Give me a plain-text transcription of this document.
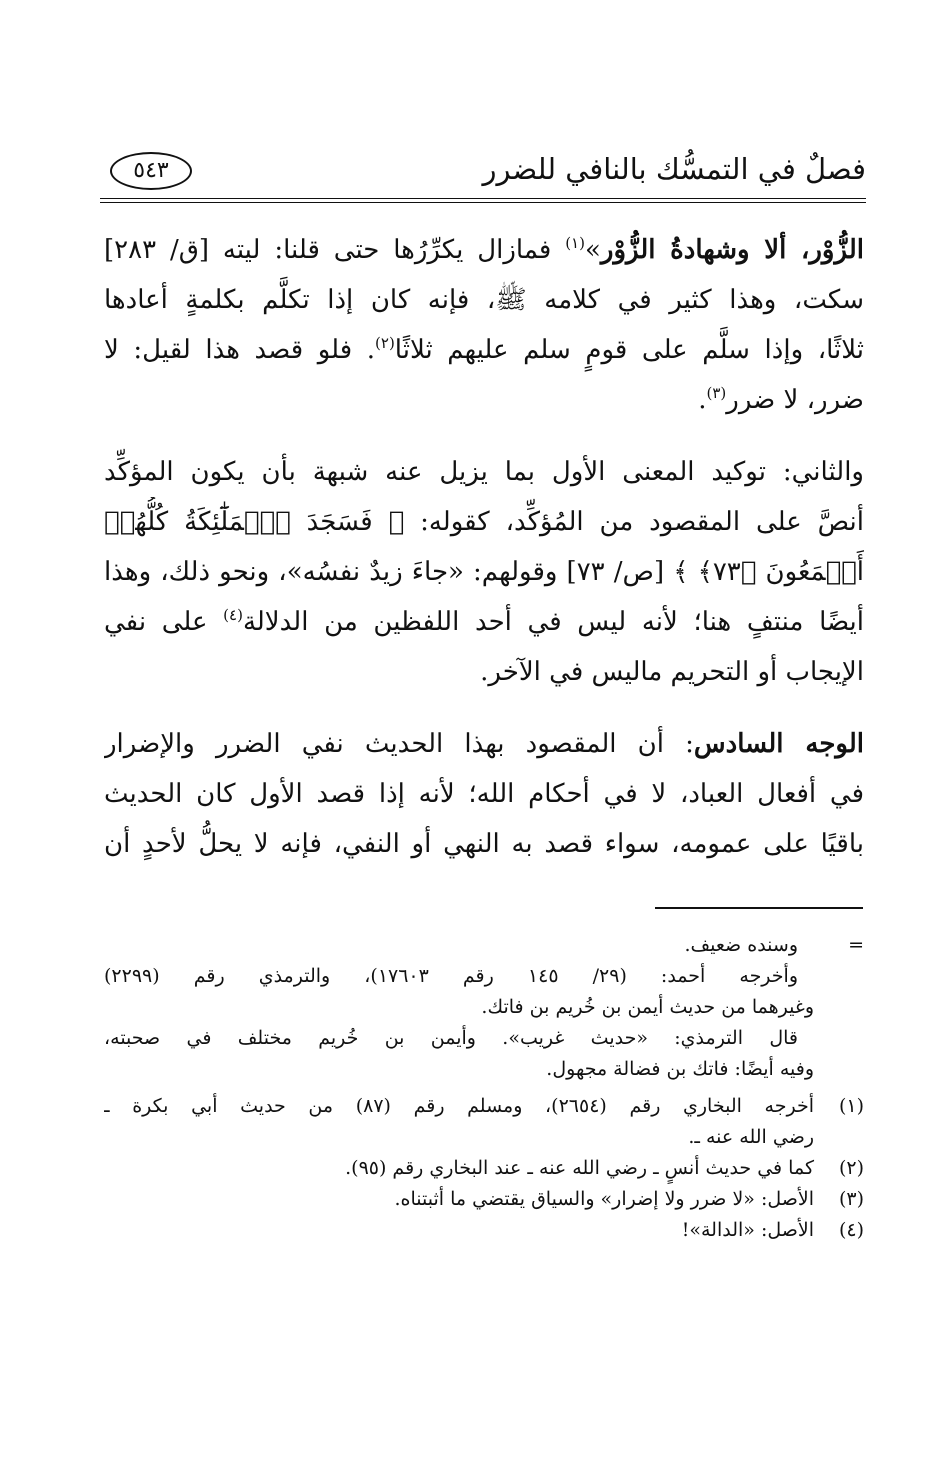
فصلٌ في التمسُّك بالنافي للضرر
٥٤٣
الزُّوْر، ألا وشهادةُ الزُّوْر»$^{(١)}$ فمازال يكرِّرُها حتى قلنا: ليته [ق/ ٢٨٣]
سكت، وهذا كثير في كلامه ﷺ، فإنه كان إذا تكلَّم بكلمةٍ أعادها
ثلاثًا، وإذا سلَّم على قومٍ سلم عليهم ثلاثًا$^{(٢)}$. فلو قصد هذا لقيل: لا
ضرر، لا ضرر$^{(٣)}$.
والثاني: توكيد المعنى الأول بما يزيل عنه شبهة بأن يكون المؤكِّد
أنصَّ على المقصود من المُؤكِّد، كقوله: ﴿ فَسَجَدَ ٱلۡمَلَٰٓئِكَةُ كُلُّهُمۡ
أَجۡمَعُونَ ﴿٧٣﴾ ﴾ [ص/ ٧٣] وقولهم: «جاءَ زيدٌ نفسُه»، ونحو ذلك، وهذا
أيضًا منتفٍ هنا؛ لأنه ليس في أحد اللفظين من الدلالة$^{(٤)}$ على نفي
الإيجاب أو التحريم ماليس في الآخر.
الوجه السادس: أن المقصود بهذا الحديث نفي الضرر والإضرار
في أفعال العباد، لا في أحكام الله؛ لأنه إذا قصد الأول كان الحديث
باقيًا على عمومه، سواء قصد به النهي أو النفي، فإنه لا يحلُّ لأحدٍ أن
=
وسنده ضعيف.
وأخرجه أحمد: (٢٩/ ١٤٥ رقم ١٧٦٠٣)، والترمذي رقم (٢٢٩٩)
وغيرهما من حديث أيمن بن خُريم بن فاتك.
قال الترمذي: «حديث غريب». وأيمن بن خُريم مختلف في صحبته،
وفيه أيضًا: فاتك بن فضالة مجهول.
(١)
أخرجه البخاري رقم (٢٦٥٤)، ومسلم رقم (٨٧) من حديث أبي بكرة ـ
رضي الله عنه ـ.
(٢)
كما في حديث أنسٍ ـ رضي الله عنه ـ عند البخاري رقم (٩٥).
(٣)
الأصل: «لا ضرر ولا إضرار» والسياق يقتضي ما أثبتناه.
(٤)
الأصل: «الدالة»!
